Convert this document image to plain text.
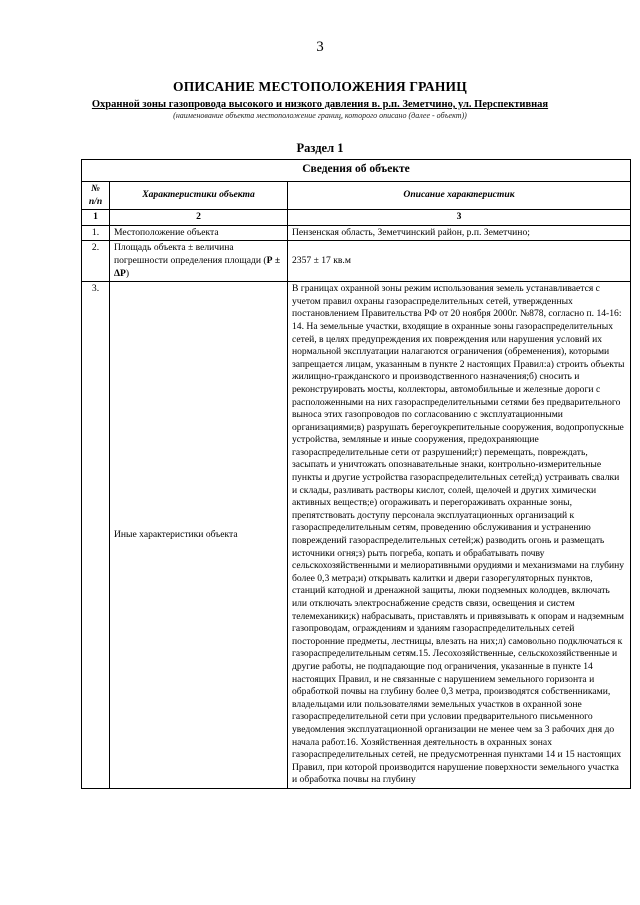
3
ОПИСАНИЕ МЕСТОПОЛОЖЕНИЯ ГРАНИЦ
Охранной зоны газопровода высокого и низкого давления в. р.п. Земетчино, ул. Перспективная
(наименование объекта местоположение границ, которого описано (далее - объект))
Раздел 1
Сведения об объекте		
№ п/п	Характеристики объекта	Описание характеристик
1	2	3
1.	Местоположение объекта	Пензенская область, Земетчинский район, р.п. Земетчино;
2.	Площадь объекта ± величина погрешности определения площади (Р ± ΔР)	2357 ± 17 кв.м
3.	Иные характеристики объекта	В границах охранной зоны режим использования земель устанавливается с учетом правил охраны газораспределительных сетей, утвержденных постановлением Правительства РФ от 20 ноября 2000г. №878, согласно п. 14-16: 14. На земельные участки, входящие в охранные зоны газораспределительных сетей, в целях предупреждения их повреждения или нарушения условий их нормальной эксплуатации налагаются ограничения (обременения), которыми запрещается лицам, указанным в пункте 2 настоящих Правил:а) строить объекты жилищно-гражданского и производственного назначения;б) сносить и реконструировать мосты, коллекторы, автомобильные и железные дороги с расположенными на них газораспределительными сетями без предварительного выноса этих газопроводов по согласованию с эксплуатационными организациями;в) разрушать берегоукрепительные сооружения, водопропускные устройства, земляные и иные сооружения, предохраняющие газораспределительные сети от разрушений;г) перемещать, повреждать, засыпать и уничтожать опознавательные знаки, контрольно-измерительные пункты и другие устройства газораспределительных сетей;д) устраивать свалки и склады, разливать растворы кислот, солей, щелочей и других химически активных веществ;е) огораживать и перегораживать охранные зоны, препятствовать доступу персонала эксплуатационных организаций к газораспределительным сетям, проведению обслуживания и устранению повреждений газораспределительных сетей;ж) разводить огонь и размещать источники огня;з) рыть погреба, копать и обрабатывать почву сельскохозяйственными и мелиоративными орудиями и механизмами на глубину более 0,3 метра;и) открывать калитки и двери газорегуляторных пунктов, станций катодной и дренажной защиты, люки подземных колодцев, включать или отключать электроснабжение средств связи, освещения и систем телемеханики;к) набрасывать, приставлять и привязывать к опорам и надземным газопроводам, ограждениям и зданиям газораспределительных сетей посторонние предметы, лестницы, влезать на них;л) самовольно подключаться к газораспределительным сетям.15. Лесохозяйственные, сельскохозяйственные и другие работы, не подпадающие под ограничения, указанные в пункте 14 настоящих Правил, и не связанные с нарушением земельного горизонта и обработкой почвы на глубину более 0,3 метра, производятся собственниками, владельцами или пользователями земельных участков в охранной зоне газораспределительной сети при условии предварительного письменного уведомления эксплуатационной организации не менее чем за 3 рабочих дня до начала работ.16. Хозяйственная деятельность в охранных зонах газораспределительных сетей, не предусмотренная пунктами 14 и 15 настоящих Правил, при которой производится нарушение поверхности земельного участка и обработка почвы на глубину
